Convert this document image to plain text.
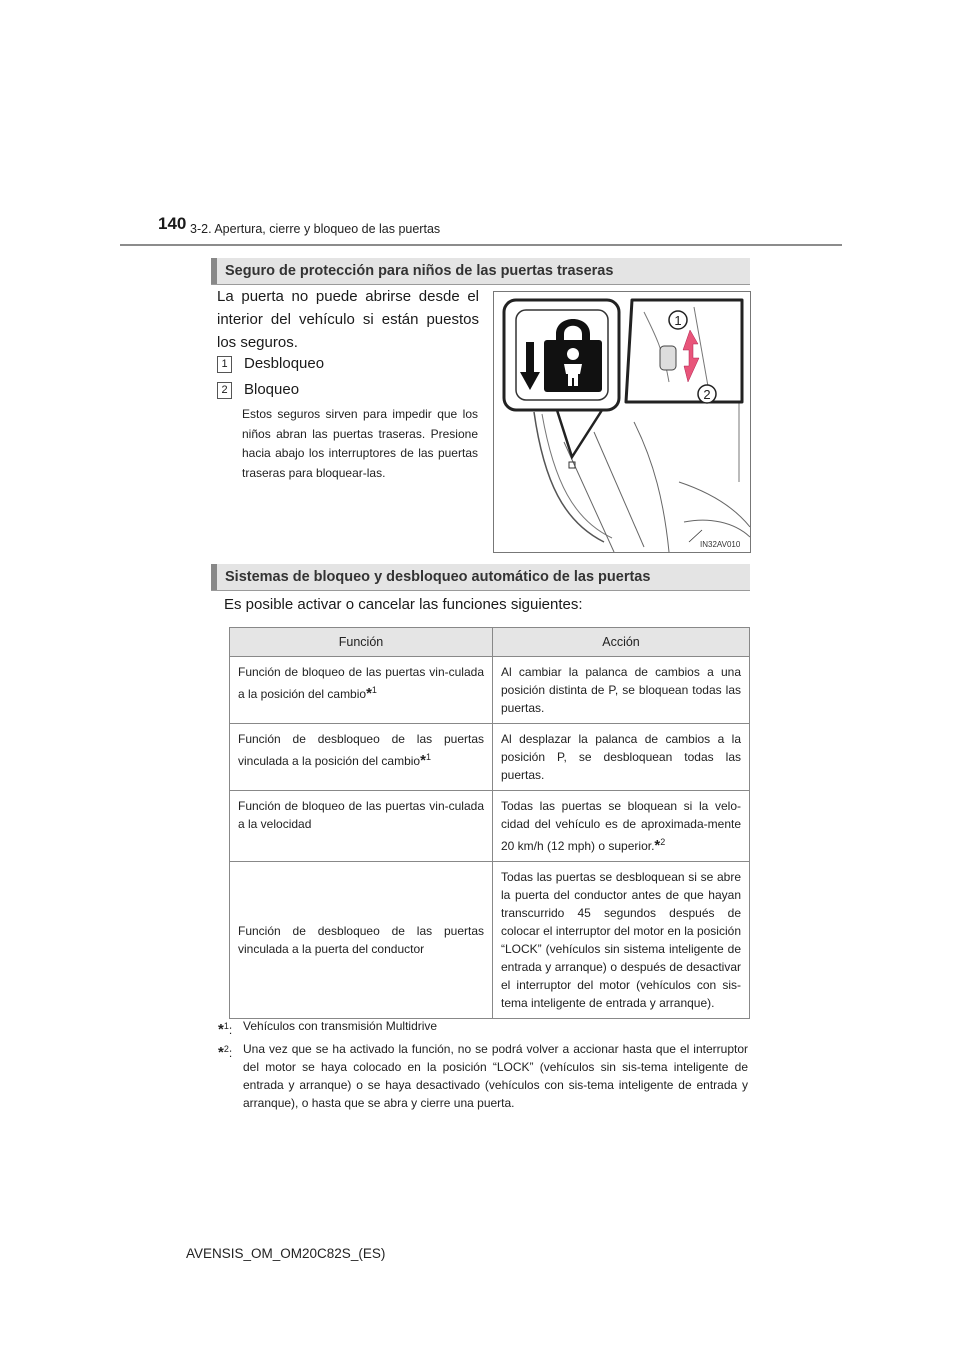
140 3-2. Apertura, cierre y bloqueo de las puertas
Seguro de protección para niños de las puertas traseras
La puerta no puede abrirse desde el interior del vehículo si están puestos los seguros.
1 Desbloqueo
2 Bloqueo
Estos seguros sirven para impedir que los niños abran las puertas traseras. Presione hacia abajo los interruptores de las puertas traseras para bloquear-las.
1
2
IN32AV010
Sistemas de bloqueo y desbloqueo automático de las puertas
Es posible activar o cancelar las funciones siguientes:
Función	Acción
Función de bloqueo de las puertas vin-culada a la posición del cambio*$^1$	Al cambiar la palanca de cambios a una posición distinta de P, se bloquean todas las puertas.
Función de desbloqueo de las puertas vinculada a la posición del cambio*$^1$	Al desplazar la palanca de cambios a la posición P, se desbloquean todas las puertas.
Función de bloqueo de las puertas vin-culada a la velocidad	Todas las puertas se bloquean si la velo-cidad del vehículo es de aproximada-mente 20 km/h (12 mph) o superior.*$^2$
Función de desbloqueo de las puertas vinculada a la puerta del conductor	Todas las puertas se desbloquean si se abre la puerta del conductor antes de que hayan transcurrido 45 segundos después de colocar el interruptor del motor en la posición “LOCK” (vehículos sin sistema inteligente de entrada y arranque) o después de desactivar el interruptor del motor (vehículos con sis-tema inteligente de entrada y arranque).
*$^1$: Vehículos con transmisión Multidrive
*$^2$: Una vez que se ha activado la función, no se podrá volver a accionar hasta que el interruptor del motor se haya colocado en la posición “LOCK” (vehículos sin sis-tema inteligente de entrada y arranque) o se haya desactivado (vehículos con sis-tema inteligente de entrada y arranque), o hasta que se abra y cierre una puerta.
AVENSIS_OM_OM20C82S_(ES)
